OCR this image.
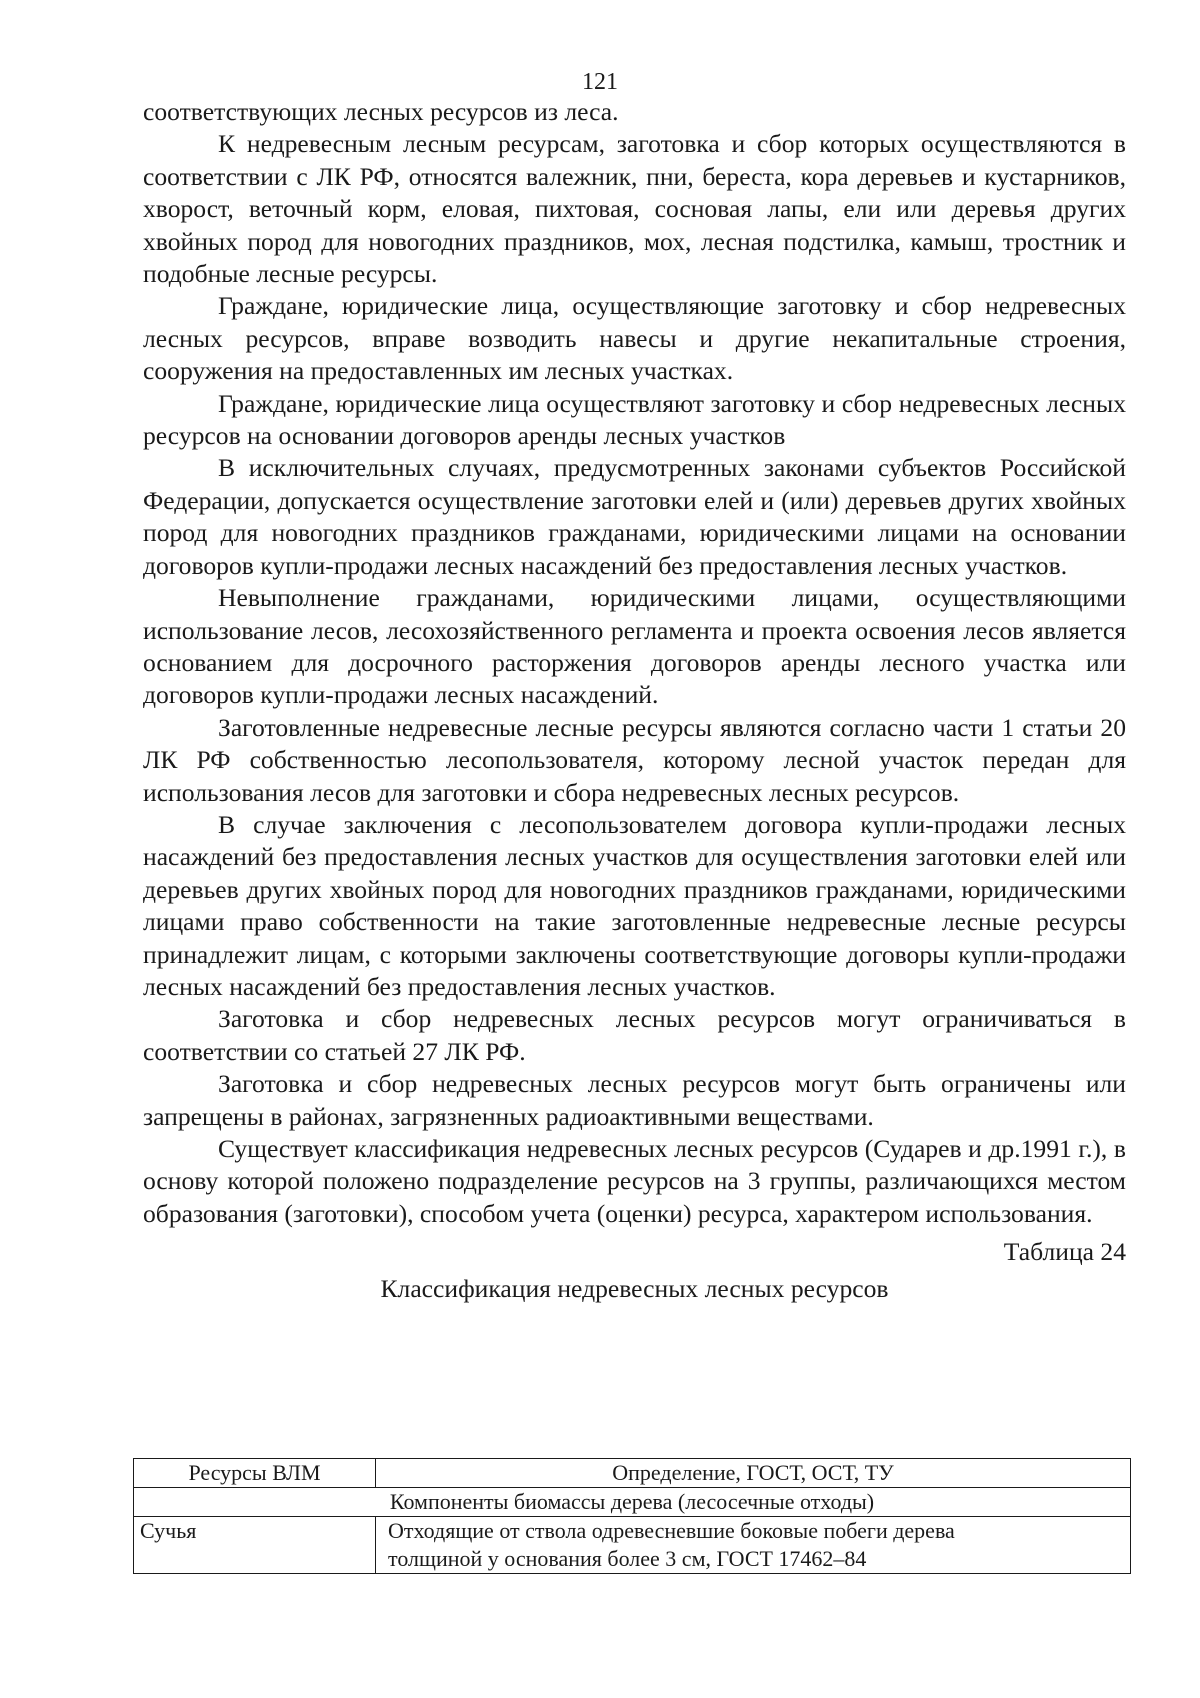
121

соответствующих лесных ресурсов из леса.

К недревесным лесным ресурсам, заготовка и сбор которых осуществляются в соответствии с ЛК РФ, относятся валежник, пни, береста, кора деревьев и кустарников, хворост, веточный корм, еловая, пихтовая, сосновая лапы, ели или деревья других хвойных пород для новогодних праздников, мох, лесная подстилка, камыш, тростник и подобные лесные ресурсы.

Граждане, юридические лица, осуществляющие заготовку и сбор недревесных лесных ресурсов, вправе возводить навесы и другие некапитальные строения, сооружения на предоставленных им лесных участках.

Граждане, юридические лица осуществляют заготовку и сбор недревесных лесных ресурсов на основании договоров аренды лесных участков

В исключительных случаях, предусмотренных законами субъектов Российской Федерации, допускается осуществление заготовки елей и (или) деревьев других хвойных пород для новогодних праздников гражданами, юридическими лицами на основании договоров купли-продажи лесных насаждений без предоставления лесных участков.

Невыполнение гражданами, юридическими лицами, осуществляющими использование лесов, лесохозяйственного регламента и проекта освоения лесов является основанием для досрочного расторжения договоров аренды лесного участка или договоров купли-продажи лесных насаждений.

Заготовленные недревесные лесные ресурсы являются согласно части 1 статьи 20 ЛК РФ собственностью лесопользователя, которому лесной участок передан для использования лесов для заготовки и сбора недревесных лесных ресурсов.

В случае заключения с лесопользователем договора купли-продажи лесных насаждений без предоставления лесных участков для осуществления заготовки елей или деревьев других хвойных пород для новогодних праздников гражданами, юридическими лицами право собственности на такие заготовленные недревесные лесные ресурсы принадлежит лицам, с которыми заключены соответствующие договоры купли-продажи лесных насаждений без предоставления лесных участков.

Заготовка и сбор недревесных лесных ресурсов могут ограничиваться в соответствии со статьей 27 ЛК РФ.

Заготовка и сбор недревесных лесных ресурсов могут быть ограничены или запрещены в районах, загрязненных радиоактивными веществами.

Существует классификация недревесных лесных ресурсов (Сударев и др.1991 г.), в основу которой положено подразделение ресурсов на 3 группы, различающихся местом образования (заготовки), способом учета (оценки) ресурса, характером использования.

Таблица 24

Классификация недревесных лесных ресурсов

Ресурсы ВЛМ	Определение, ГОСТ, ОСТ, ТУ
Компоненты биомассы дерева (лесосечные отходы)	
Сучья	Отходящие от ствола одревесневшие боковые побеги дерева
толщиной у основания более 3 см, ГОСТ 17462–84
